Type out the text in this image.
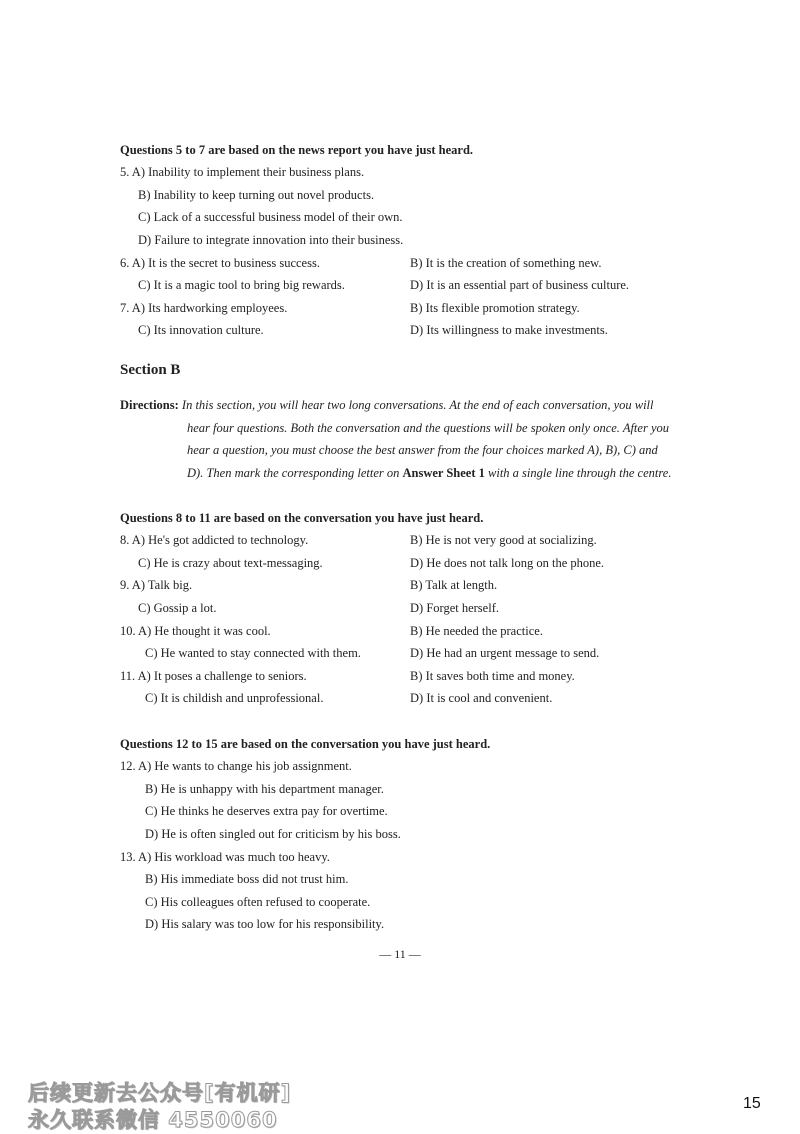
Questions 5 to 7 are based on the news report you have just heard.
5. A) Inability to implement their business plans.
B) Inability to keep turning out novel products.
C) Lack of a successful business model of their own.
D) Failure to integrate innovation into their business.
6. A) It is the secret to business success.	B) It is the creation of something new.
C) It is a magic tool to bring big rewards.	D) It is an essential part of business culture.
7. A) Its hardworking employees.	B) Its flexible promotion strategy.
C) Its innovation culture.	D) Its willingness to make investments.
Section B
Directions: In this section, you will hear two long conversations. At the end of each conversation, you will
hear four questions. Both the conversation and the questions will be spoken only once. After you
hear a question, you must choose the best answer from the four choices marked A), B), C) and
D). Then mark the corresponding letter on Answer Sheet 1 with a single line through the centre.
Questions 8 to 11 are based on the conversation you have just heard.
8. A) He's got addicted to technology.	B) He is not very good at socializing.
C) He is crazy about text-messaging.	D) He does not talk long on the phone.
9. A) Talk big.	B) Talk at length.
C) Gossip a lot.	D) Forget herself.
10. A) He thought it was cool.	B) He needed the practice.
C) He wanted to stay connected with them.	D) He had an urgent message to send.
11. A) It poses a challenge to seniors.	B) It saves both time and money.
C) It is childish and unprofessional.	D) It is cool and convenient.
Questions 12 to 15 are based on the conversation you have just heard.
12. A) He wants to change his job assignment.
B) He is unhappy with his department manager.
C) He thinks he deserves extra pay for overtime.
D) He is often singled out for criticism by his boss.
13. A) His workload was much too heavy.
B) His immediate boss did not trust him.
C) His colleagues often refused to cooperate.
D) His salary was too low for his responsibility.
— 11 —
后续更新去公众号[有机研]
永久联系微信 4550060
15
